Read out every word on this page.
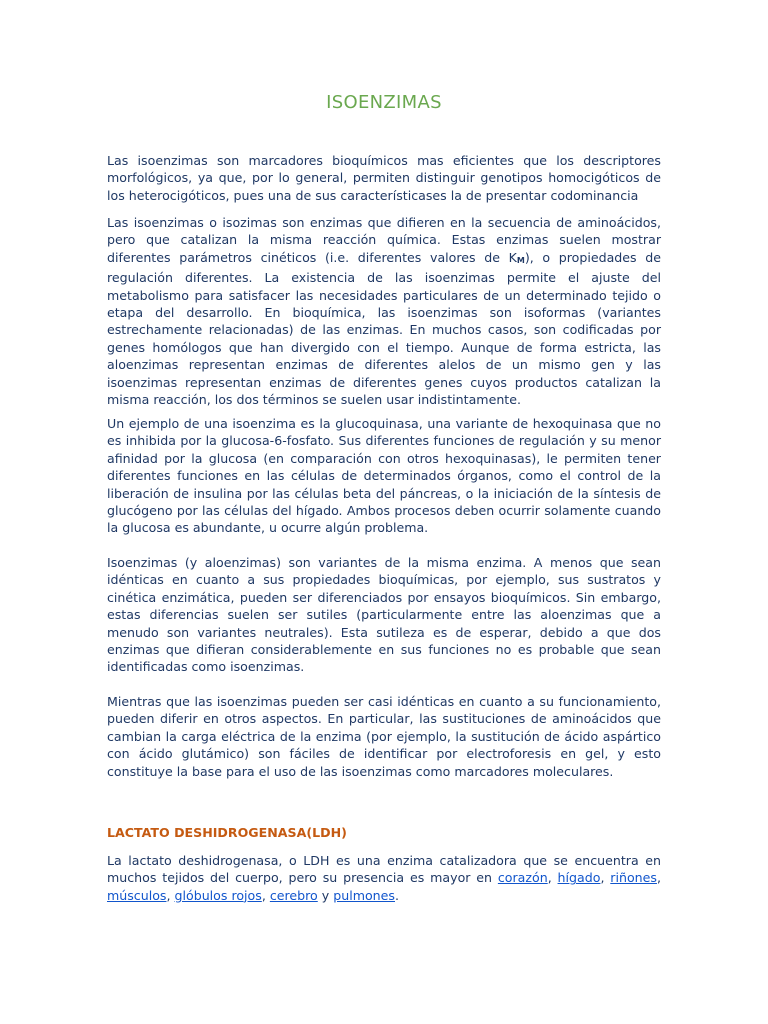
ISOENZIMAS

Las isoenzimas son marcadores bioquímicos mas eficientes que los descriptores morfológicos, ya que, por lo general, permiten distinguir genotipos homocigóticos de los heterocigóticos, pues una de sus característicases la de presentar codominancia

Las isoenzimas o isozimas son enzimas que difieren en la secuencia de aminoácidos, pero que catalizan la misma reacción química. Estas enzimas suelen mostrar diferentes parámetros cinéticos (i.e. diferentes valores de KM), o propiedades de regulación diferentes. La existencia de las isoenzimas permite el ajuste del metabolismo para satisfacer las necesidades particulares de un determinado tejido o etapa del desarrollo. En bioquímica, las isoenzimas son isoformas (variantes estrechamente relacionadas) de las enzimas. En muchos casos, son codificadas por genes homólogos que han divergido con el tiempo. Aunque de forma estricta, las aloenzimas representan enzimas de diferentes alelos de un mismo gen y las isoenzimas representan enzimas de diferentes genes cuyos productos catalizan la misma reacción, los dos términos se suelen usar indistintamente.

Un ejemplo de una isoenzima es la glucoquinasa, una variante de hexoquinasa que no es inhibida por la glucosa-6-fosfato. Sus diferentes funciones de regulación y su menor afinidad por la glucosa (en comparación con otros hexoquinasas), le permiten tener diferentes funciones en las células de determinados órganos, como el control de la liberación de insulina por las células beta del páncreas, o la iniciación de la síntesis de glucógeno por las células del hígado. Ambos procesos deben ocurrir solamente cuando la glucosa es abundante, u ocurre algún problema.

Isoenzimas (y aloenzimas) son variantes de la misma enzima. A menos que sean idénticas en cuanto a sus propiedades bioquímicas, por ejemplo, sus sustratos y cinética enzimática, pueden ser diferenciados por ensayos bioquímicos. Sin embargo, estas diferencias suelen ser sutiles (particularmente entre las aloenzimas que a menudo son variantes neutrales). Esta sutileza es de esperar, debido a que dos enzimas que difieran considerablemente en sus funciones no es probable que sean identificadas como isoenzimas.

Mientras que las isoenzimas pueden ser casi idénticas en cuanto a su funcionamiento, pueden diferir en otros aspectos. En particular, las sustituciones de aminoácidos que cambian la carga eléctrica de la enzima (por ejemplo, la sustitución de ácido aspártico con ácido glutámico) son fáciles de identificar por electroforesis en gel, y esto constituye la base para el uso de las isoenzimas como marcadores moleculares.

LACTATO DESHIDROGENASA(LDH)

La lactato deshidrogenasa, o LDH es una enzima catalizadora que se encuentra en muchos tejidos del cuerpo, pero su presencia es mayor en corazón, hígado, riñones, músculos, glóbulos rojos, cerebro y pulmones.
